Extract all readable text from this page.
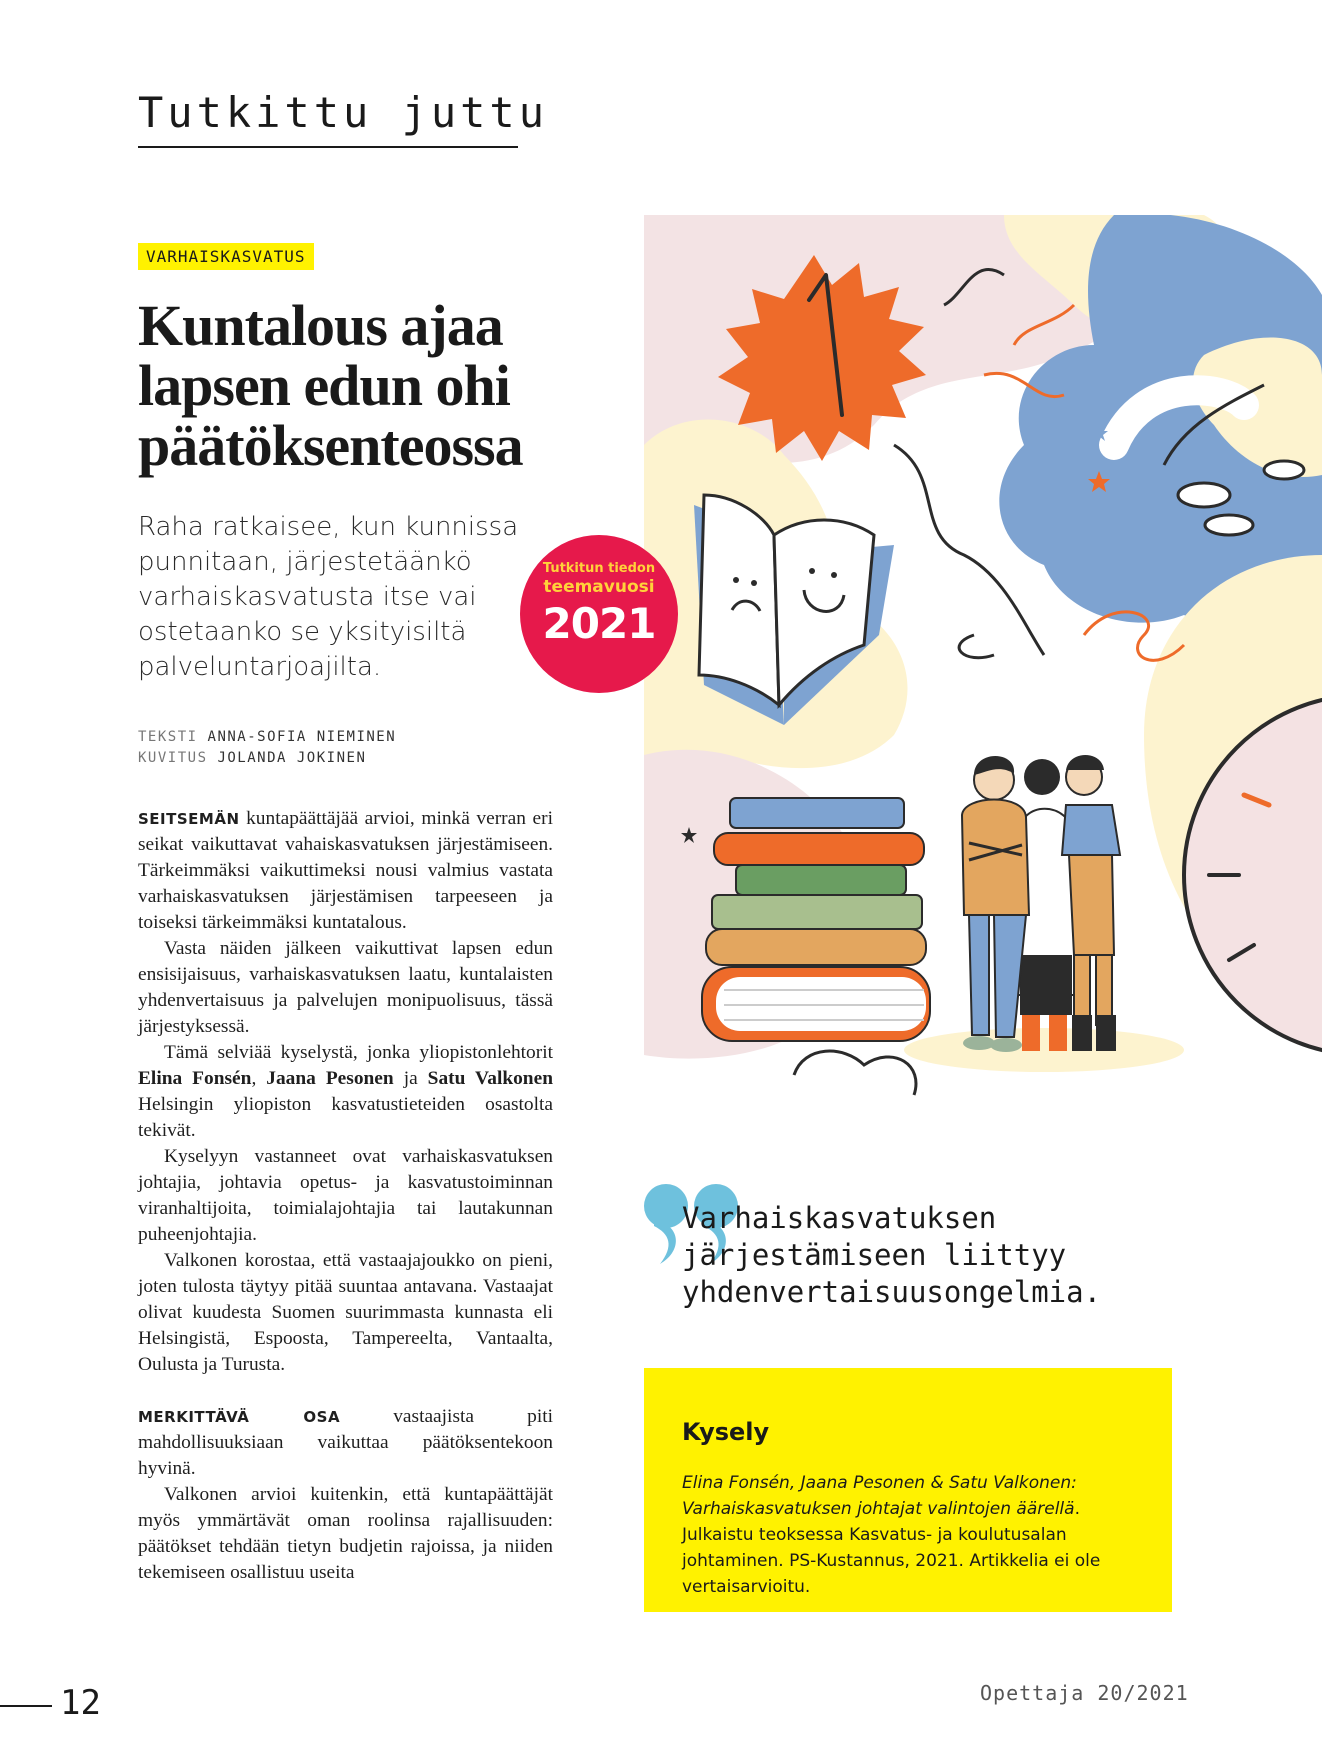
Tutkittu juttu
VARHAISKASVATUS
Kuntalous ajaa lapsen edun ohi päätöksenteossa

Raha ratkaisee, kun kunnissa punnitaan, järjestetäänkö varhaiskasvatusta itse vai ostetaanko se yksityisiltä palveluntarjoajilta.

TEKSTI ANNA-SOFIA NIEMINEN
KUVITUS JOLANDA JOKINEN

SEITSEMÄN kuntapäättäjää arvioi, minkä verran eri seikat vaikuttavat vahaiskasvatuksen järjestämiseen. Tärkeimmäksi vaikuttimeksi nousi valmius vastata varhaiskasvatuksen järjestämisen tarpeeseen ja toiseksi tärkeimmäksi kuntatalous.

Vasta näiden jälkeen vaikuttivat lapsen edun ensisijaisuus, varhaiskasvatuksen laatu, kuntalaisten yhdenvertaisuus ja palvelujen monipuolisuus, tässä järjestyksessä.

Tämä selviää kyselystä, jonka yliopistonlehtorit Elina Fonsén, Jaana Pesonen ja Satu Valkonen Helsingin yliopiston kasvatustieteiden osastolta tekivät.

Kyselyyn vastanneet ovat varhaiskasvatuksen johtajia, johtavia opetus- ja kasvatustoiminnan viranhaltijoita, toimialajohtajia tai lautakunnan puheenjohtajia.

Valkonen korostaa, että vastaajajoukko on pieni, joten tulosta täytyy pitää suuntaa antavana. Vastaajat olivat kuudesta Suomen suurimmasta kunnasta eli Helsingistä, Espoosta, Tampereelta, Vantaalta, Oulusta ja Turusta.

MERKITTÄVÄ OSA vastaajista piti mahdollisuuksiaan vaikuttaa päätöksentekoon hyvinä.

Valkonen arvioi kuitenkin, että kuntapäättäjät myös ymmärtävät oman roolinsa rajallisuuden: päätökset tehdään tietyn budjetin rajoissa, ja niiden tekemiseen osallistuu useita

Varhaiskasvatuksen
järjestämiseen liittyy
yhdenvertaisuusongelmia.

Kysely

Elina Fonsén, Jaana Pesonen & Satu Valkonen: Varhaiskasvatuksen johtajat valintojen äärellä. Julkaistu teoksessa Kasvatus- ja koulutusalan johtaminen. PS-Kustannus, 2021. Artikkelia ei ole vertaisarvioitu.

Tutkitun tiedon
teemavuosi
2021
12	Opettaja 20/2021
